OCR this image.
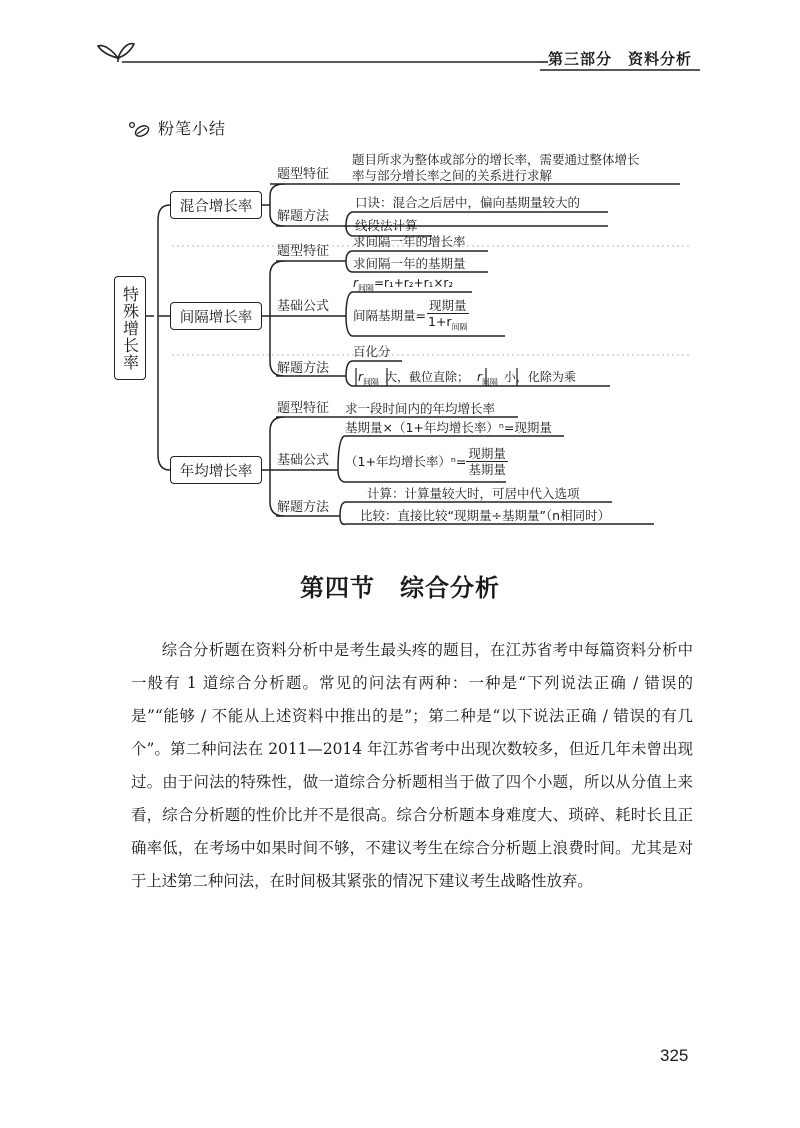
第三部分　资料分析
粉笔小结
特殊增长率
混合增长率
题型特征
题目所求为整体或部分的增长率，需要通过整体增长
率与部分增长率之间的关系进行求解
解题方法
口诀：混合之后居中，偏向基期量较大的
线段法计算
间隔增长率
题型特征
求间隔一年的增长率
求间隔一年的基期量
基础公式
$r_{间隔}=r_1+r_2+r_1\times r_2$
间隔基期量= $\frac{\text{现期量}}{1+r_{间隔}}$
解题方法
百化分
$r_{间隔}$ 大，截位直除； $r_{间隔}$ 小，化除为乘
年均增长率
题型特征 求一段时间内的年均增长率
基础公式
基期量×（1+年均增长率）ⁿ=现期量
（1+年均增长率）$^n= \frac{\text{现期量}}{\text{基期量}}$
解题方法
计算：计算量较大时，可居中代入选项
比较：直接比较“现期量÷基期量”（n相同时）
第四节　综合分析
综合分析题在资料分析中是考生最头疼的题目，在江苏省考中每篇资料分析中一般有 1 道综合分析题。常见的问法有两种：一种是“下列说法正确 / 错误的是”“能够 / 不能从上述资料中推出的是”；第二种是“以下说法正确 / 错误的有几个”。第二种问法在 2011—2014 年江苏省考中出现次数较多，但近几年未曾出现过。由于问法的特殊性，做一道综合分析题相当于做了四个小题，所以从分值上来看，综合分析题的性价比并不是很高。综合分析题本身难度大、琐碎、耗时长且正确率低，在考场中如果时间不够，不建议考生在综合分析题上浪费时间。尤其是对于上述第二种问法，在时间极其紧张的情况下建议考生战略性放弃。
325
